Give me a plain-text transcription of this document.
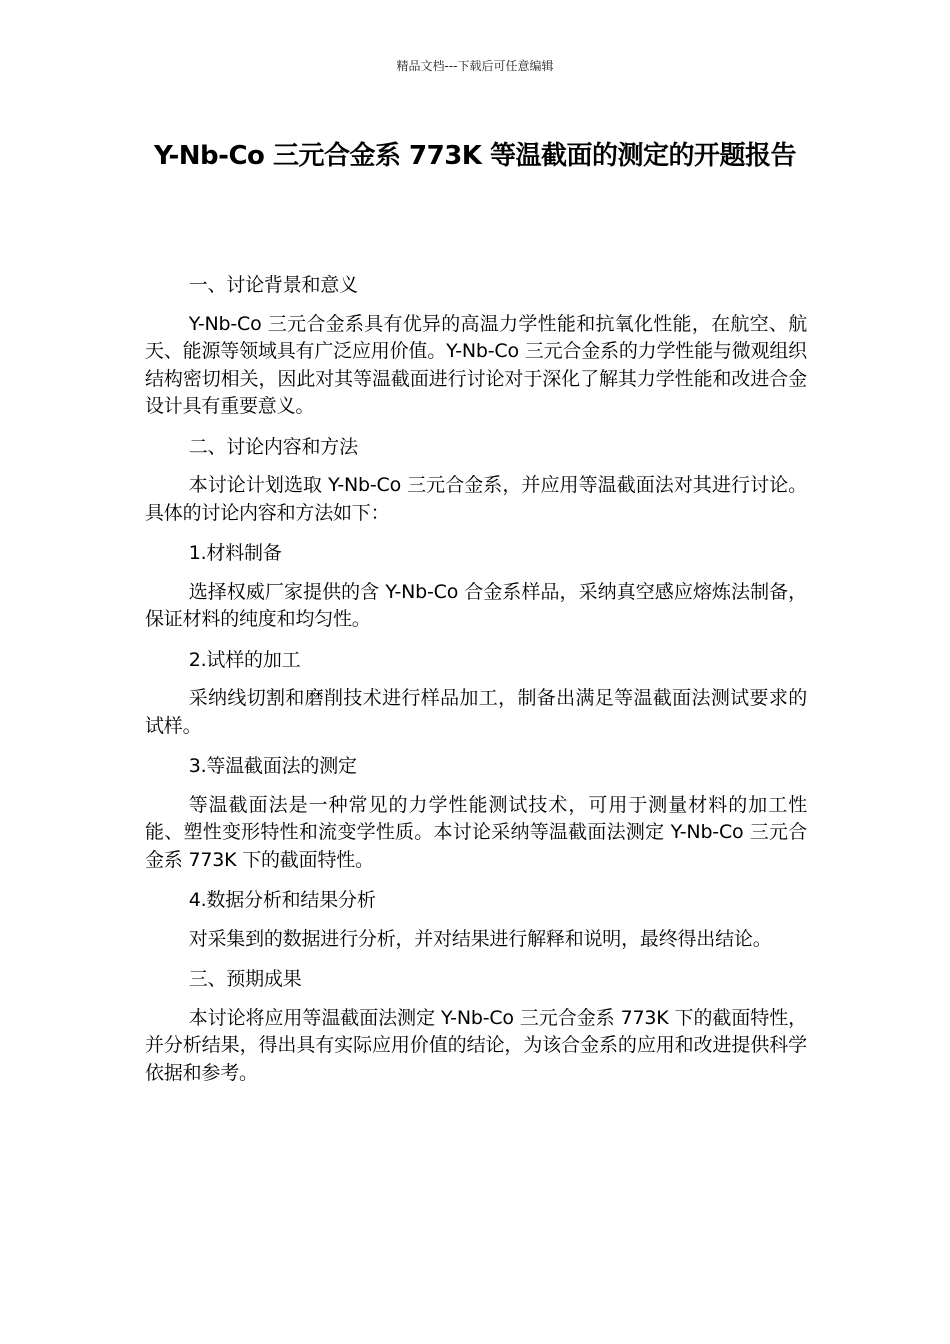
精品文档---下载后可任意编辑
Y-Nb-Co 三元合金系 773K 等温截面的测定的开题报告

一、讨论背景和意义

Y-Nb-Co 三元合金系具有优异的高温力学性能和抗氧化性能，在航空、航天、能源等领域具有广泛应用价值。Y-Nb-Co 三元合金系的力学性能与微观组织结构密切相关，因此对其等温截面进行讨论对于深化了解其力学性能和改进合金设计具有重要意义。

二、讨论内容和方法

本讨论计划选取 Y-Nb-Co 三元合金系，并应用等温截面法对其进行讨论。具体的讨论内容和方法如下：

1.材料制备

选择权威厂家提供的含 Y-Nb-Co 合金系样品，采纳真空感应熔炼法制备，保证材料的纯度和均匀性。

2.试样的加工

采纳线切割和磨削技术进行样品加工，制备出满足等温截面法测试要求的试样。

3.等温截面法的测定

等温截面法是一种常见的力学性能测试技术，可用于测量材料的加工性能、塑性变形特性和流变学性质。本讨论采纳等温截面法测定 Y-Nb-Co 三元合金系 773K 下的截面特性。

4.数据分析和结果分析

对采集到的数据进行分析，并对结果进行解释和说明，最终得出结论。

三、预期成果

本讨论将应用等温截面法测定 Y-Nb-Co 三元合金系 773K 下的截面特性，并分析结果，得出具有实际应用价值的结论，为该合金系的应用和改进提供科学依据和参考。
